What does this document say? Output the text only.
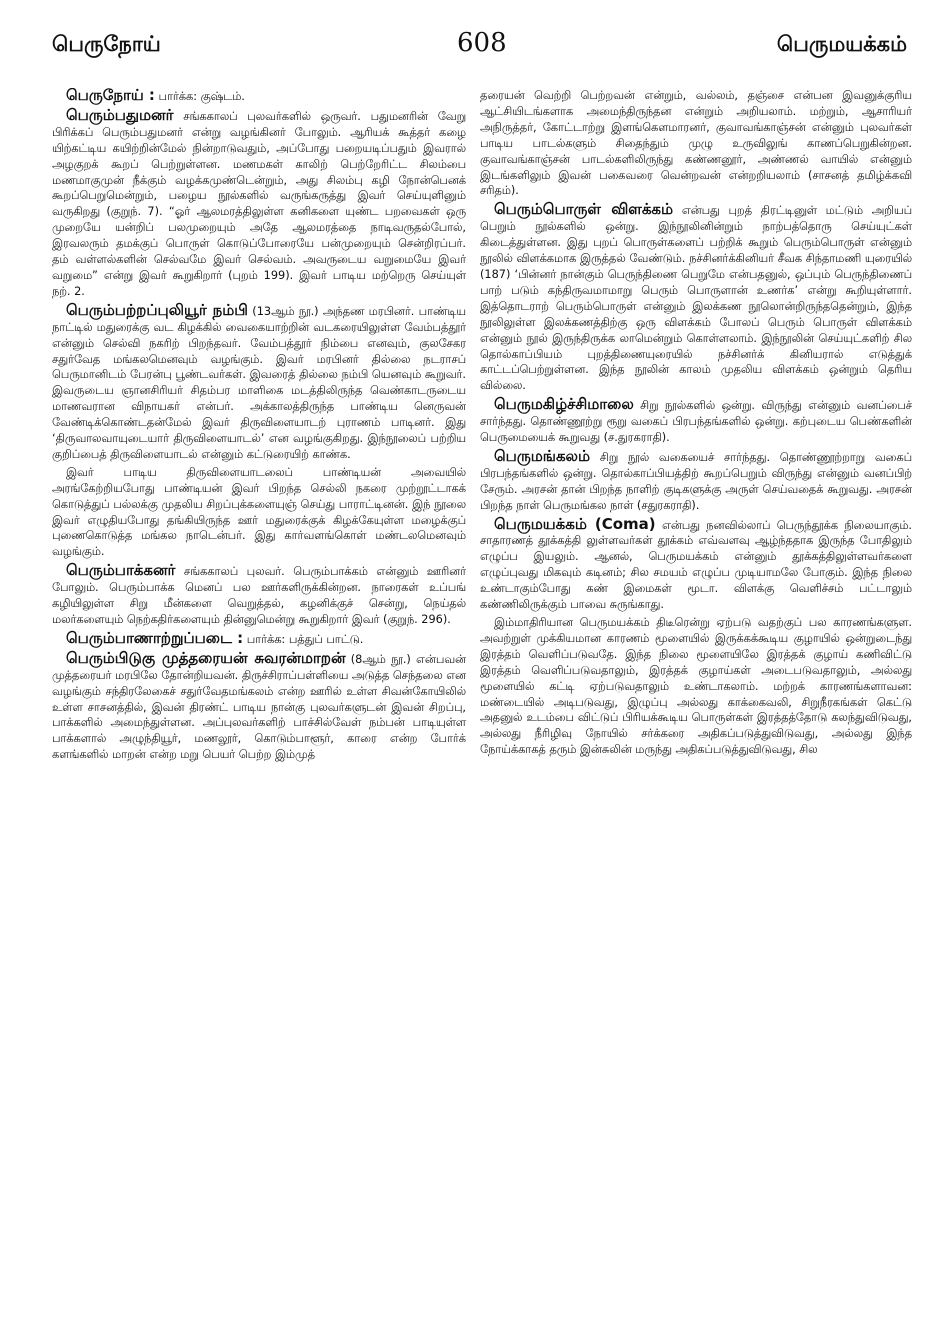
பெருநோய்	608	பெருமயக்கம்

பெருநோய் : பார்க்க: குஷ்டம்.

பெரும்பதுமனர் சங்ககாலப் புலவர்களில் ஒருவர். பதுமனரின் வேறு பிரிக்கப் பெரும்பதுமனர் என்று வழங்கினர் போலும். ஆரியக் கூத்தர் கழை யிற்கட்டிய கயிற்றின்மேல் நின்றாடுவதும், அப்போது பறையடிப்பதும் இவரால் அழகுறக் கூறப் பெற்றுள்ளன. மணமகள் காலிற் பெற்றேரிட்ட சிலம்பை மணமாகுமுன் நீக்கும் வழக்கமுண்டென்றும், அது சிலம்பு கழி நோன்பெனக் கூறப்பெறுமென்றும், பழைய நூல்களில் வருங்கருத்து இவர் செய்யுளினும் வருகிறது (குறுந். 7). “ஓர் ஆலமரத்திலுள்ள கனிகளை யுண்ட பறவைகள் ஒரு முறையே யன்றிப் பலமுறையும் அதே ஆலமரத்தை நாடிவருதல்போல், இரவலரும் தமக்குப் பொருள் கொடுப்போரையே பன்முறையும் சென்றிரப்பர். தம் வள்ளல்களின் செல்வமே இவர் செல்வம். அவருடைய வறுமையே இவர் வறுமை” என்று இவர் கூறுகிறார் (புறம் 199). இவர் பாடிய மற்றெரு செய்யுள் நற். 2.

பெரும்பற்றப்புலியூர் நம்பி (13ஆம் நூ.) அந்தண மரபினர். பாண்டிய நாட்டில் மதுரைக்கு வட கிழக்கில் வைகையாற்றின் வடகரையிலுள்ள வேம்பத்தூர் என்னும் செல்வி நகரிற் பிறந்தவர். வேம்பத்தூர் நிம்பை எனவும், குலசேகர சதுர்வேத மங்கலமெனவும் வழங்கும். இவர் மரபினர் தில்லை நடராசப் பெருமானிடம் பேரன்பு பூண்டவர்கள். இவரைத் தில்லை நம்பி யெனவும் கூறுவர். இவருடைய ஞானசிரியர் சிதம்பர மாளிகை மடத்திலிருந்த வெண்காடருடைய மாணவரான விநாயகர் என்பர். அக்காலத்திருந்த பாண்டிய னெருவன் வேண்டிக்கொண்டதன்மேல் இவர் திருவிளையாடற் புராணம் பாடினர். இது ‘திருவாலவாயுடையார் திருவிளையாடல்’ என வழங்குகிறது. இந்நூலைப் பற்றிய குறிப்பைத் திருவிளையாடல் என்னும் கட்டுரையிற் காண்க.
இவர் பாடிய திருவிளையாடலைப் பாண்டியன் அவையில் அரங்கேற்றியபோது பாண்டியன் இவர் பிறந்த செல்லி நகரை முற்றூட்டாகக் கொடுத்துப் பல்லக்கு முதலிய சிறப்புக்களையுஞ் செய்து பாராட்டினன். இந் நூலை இவர் எழுதியபோது தங்கியிருந்த ஊர் மதுரைக்குக் கிழக்கேயுள்ள மழைக்குப் புணைகொடுத்த மங்கல நாடென்பர். இது கார்வளங்கொள் மண்டலமெனவும் வழங்கும்.

பெரும்பாக்கனர் சங்ககாலப் புலவர். பெரும்பாக்கம் என்னும் ஊரினர் போலும். பெரும்பாக்க மெனப் பல ஊர்களிருக்கின்றன. நாரைகள் உப்பங் கழியிலுள்ள சிறு மீன்களை வெறுத்தல், கழனிக்குச் சென்று, நெய்தல் மலர்களையும் நெற்கதிர்களையும் தின்னுமென்று கூறுகிறார் இவர் (குறுந். 296).

பெரும்பாணாற்றுப்படை : பார்க்க: பத்துப் பாட்டு.

பெரும்பிடுகு முத்தரையன் சுவரன்மாறன் (8ஆம் நூ.) என்பவன் முத்தரையர் மரபிலே தோன்றியவன். திருச்சிராப்பள்ளியை அடுத்த செந்தலை என வழங்கும் சந்திரலேகைச் சதுர்வேதமங்கலம் என்ற ஊரில் உள்ள சிவன்கோயிலில் உள்ள சாசனத்தில், இவன் திரண்ட் பாடிய நான்கு புலவர்களுடன் இவன் சிறப்பு, பாக்களில் அமைந்துள்ளன. அப்புலவர்களிற் பாச்சில்வேள் நம்பன் பாடியுள்ள பாக்களால் அழுந்தியூர், மணலூர், கொடும்பாளூர், காரை என்ற போர்க் களங்களில் மாறன் என்ற மறு பெயர் பெற்ற இம்முத்

தரையன் வெற்றி பெற்றவன் என்றும், வல்லம், தஞ்சை என்பன இவனுக்குரிய ஆட்சியிடங்களாக அமைந்திருந்தன என்றும் அறியலாம். மற்றும், ஆசாரியர் அநிருத்தர், கோட்டாற்று இளங்கௌமாரனர், குவாவங்காஞ்சன் என்னும் புலவர்கள் பாடிய பாடல்களும் சிதைந்தும் முழு உருவிலுங் காணப்பெறுகின்றன. குவாவங்காஞ்சன் பாடல்களிலிருந்து கண்ணனூர், அண்ணல் வாயில் என்னும் இடங்களிலும் இவன் பகைவரை வென்றவன் என்றறியலாம் (சாசனத் தமிழ்க்கவி சரிதம்).

பெரும்பொருள் விளக்கம் என்பது புறத் திரட்டினுள் மட்டும் அறியப் பெறும் நூல்களில் ஒன்று. இந்நூலினின்றும் நாற்பத்தொரு செய்யுட்கள் கிடைத்துள்ளன. இது புறப் பொருள்களைப் பற்றிக் கூறும் பெரும்பொருள் என்னும் நூலில் விளக்கமாக இருத்தல் வேண்டும். நச்சினர்க்கினியர் சீவக சிந்தாமணி யுரையில் (187) ‘பின்னர் நான்கும் பெருந்திணை பெறுமே என்பதனுல், ஒப்பும் பெருந்திணைப் பாற் படும் கந்திருவமாமாறு பெரும் பொருளான் உணர்க’ என்று கூறியுள்ளார். இத்தொடராற் பெரும்பொருள் என்னும் இலக்கண நூலொன்றிருந்ததென்றும், இந்த நூலிலுள்ள இலக்கணத்திற்கு ஒரு விளக்கம் போலப் பெரும் பொருள் விளக்கம் என்னும் நூல் இருந்திருக்க லாமென்றும் கொள்ளலாம். இந்நூலின் செய்யுட்களிற் சில தொல்காப்பியம் புறத்திணையுரையில் நச்சினர்க் கினியரால் எடுத்துக் காட்டப்பெற்றுள்ளன. இந்த நூலின் காலம் முதலிய விளக்கம் ஒன்றும் தெரிய வில்லை.

பெருமகிழ்ச்சிமாலை சிறு நூல்களில் ஒன்று. விருந்து என்னும் வனப்பைச் சார்ந்தது. தொண்ணூற்று ரூறு வகைப் பிரபந்தங்களில் ஒன்று. கற்புடைய பெண்களின் பெருமையைக் கூறுவது (ச.துரகராதி).

பெருமங்கலம் சிறு நூல் வகையைச் சார்ந்தது. தொண்ணூற்றாறு வகைப் பிரபந்தங்களில் ஒன்று. தொல்காப்பியத்திற் கூறப்பெறும் விருந்து என்னும் வனப்பிற் சேரும். அரசன் தான் பிறந்த நாளிற் குடிகளுக்கு அருள் செய்வதைக் கூறுவது. அரசன் பிறந்த நாள் பெருமங்கல நாள் (சதுரகராதி).

பெருமயக்கம் (Coma) என்பது நனவில்லாப் பெருந்தூக்க நிலையாகும். சாதாரணத் தூக்கத்தி லுள்ளவர்கள் தூக்கம் எவ்வளவு ஆழ்ந்ததாக இருந்த போதிலும் எழுப்ப இயலும். ஆனல், பெருமயக்கம் என்னும் தூக்கத்திலுள்ளவர்களை எழுப்புவது மிகவும் கடினம்; சில சமயம் எழுப்ப முடியாமலே போகும். இந்த நிலை உண்டாகும்போது கண் இமைகள் மூடா. விளக்கு வெளிச்சம் பட்டாலும் கண்ணிலிருக்கும் பாவை சுருங்காது.
இம்மாதிரியான பெருமயக்கம் திடீரென்று ஏற்படு வதற்குப் பல காரணங்களுள. அவற்றுள் முக்கியமான காரணம் மூளையில் இருக்கக்கூடிய குழாயில் ஒன்றுடைந்து இரத்தம் வெளிப்படுவதே. இந்த நிலை மூளையிலே இரத்தக் குழாய் கணிவிட்டு இரத்தம் வெளிப்படுவதாலும், இரத்தக் குழாய்கள் அடைபடுவதாலும், அல்லது மூளையில் கட்டி ஏற்படுவதாலும் உண்டாகலாம். மற்றக் காரணங்களாவன: மண்டையில் அடிபடுவது, இழுப்பு அல்லது காக்கைவலி, சிறுநீரகங்கள் கெட்டு அதனுல் உடம்பை விட்டுப் பிரியக்கூடிய பொருள்கள் இரத்தத்தோடு கலந்துவிடுவது, அல்லது நீரிழிவு நோயில் சர்க்கரை அதிகப்படுத்துவிடுவது, அல்லது இந்த நோய்க்காகத் தரும் இன்சுலின் மருந்து அதிகப்படுத்துவிடுவது, சில
